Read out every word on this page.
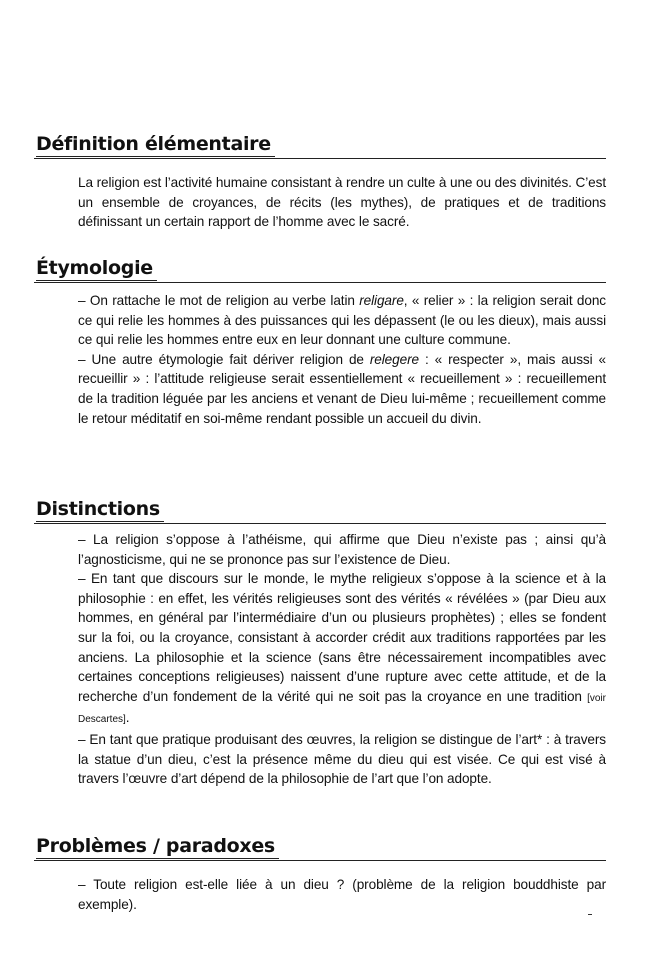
Définition élémentaire

La religion est l’activité humaine consistant à rendre un culte à une ou des divinités. C’est un ensemble de croyances, de récits (les mythes), de pratiques et de traditions définissant un certain rapport de l’homme avec le sacré.

Étymologie

– On rattache le mot de religion au verbe latin religare, « relier » : la religion serait donc ce qui relie les hommes à des puissances qui les dépassent (le ou les dieux), mais aussi ce qui relie les hommes entre eux en leur donnant une culture commune.

– Une autre étymologie fait dériver religion de relegere : « respecter », mais aussi « recueillir » : l’attitude religieuse serait essentiellement « recueillement » : recueillement de la tradition léguée par les anciens et venant de Dieu lui-même ; recueillement comme le retour méditatif en soi-même rendant possible un accueil du divin.

Distinctions

– La religion s’oppose à l’athéisme, qui affirme que Dieu n’existe pas ; ainsi qu’à l’agnosticisme, qui ne se prononce pas sur l’existence de Dieu.

– En tant que discours sur le monde, le mythe religieux s’oppose à la science et à la philosophie : en effet, les vérités religieuses sont des vérités « révélées » (par Dieu aux hommes, en général par l’intermédiaire d’un ou plusieurs prophètes) ; elles se fondent sur la foi, ou la croyance, consistant à accorder crédit aux traditions rapportées par les anciens. La philosophie et la science (sans être nécessairement incompatibles avec certaines conceptions religieuses) naissent d’une rupture avec cette attitude, et de la recherche d’un fondement de la vérité qui ne soit pas la croyance en une tradition [voir Descartes].

– En tant que pratique produisant des œuvres, la religion se distingue de l’art* : à travers la statue d’un dieu, c’est la présence même du dieu qui est visée. Ce qui est visé à travers l’œuvre d’art dépend de la philosophie de l’art que l’on adopte.

Problèmes / paradoxes

– Toute religion est-elle liée à un dieu ? (problème de la religion bouddhiste par exemple).
